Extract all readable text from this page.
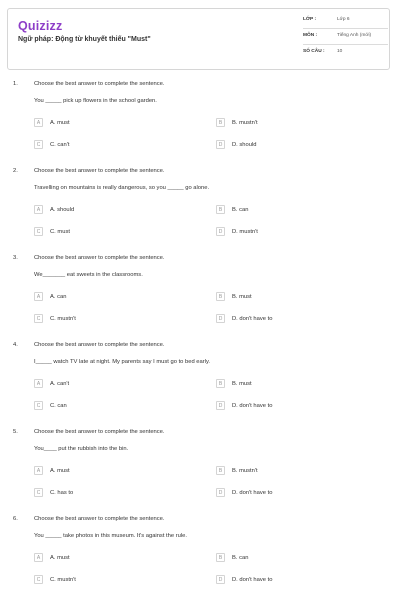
Quizizz
Ngữ pháp: Động từ khuyết thiếu "Must"
LỚP :	Lớp 6
MÔN :	Tiếng Anh (mới)
SỐ CÂU :	10
1.	Choose the best answer to complete the sentence.
You _____ pick up flowers in the school garden.
A	A. must	B	B. mustn't
C	C. can't	D	D. should
2.	Choose the best answer to complete the sentence.
Travelling on mountains is really dangerous, so you _____ go alone.
A	A. should	B	B. can
C	C. must	D	D. mustn't
3.	Choose the best answer to complete the sentence.
We_______ eat sweets in the classrooms.
A	A. can	B	B. must
C	C. mustn't	D	D. don't have to
4.	Choose the best answer to complete the sentence.
I_____ watch TV late at night. My parents say I must go to bed early.
A	A. can't	B	B. must
C	C. can	D	D. don't have to
5.	Choose the best answer to complete the sentence.
You____ put the rubbish into the bin.
A	A. must	B	B. mustn't
C	C. has to	D	D. don't have to
6.	Choose the best answer to complete the sentence.
You _____ take photos in this museum. It's against the rule.
A	A. must	B	B. can
C	C. mustn't	D	D. don't have to
